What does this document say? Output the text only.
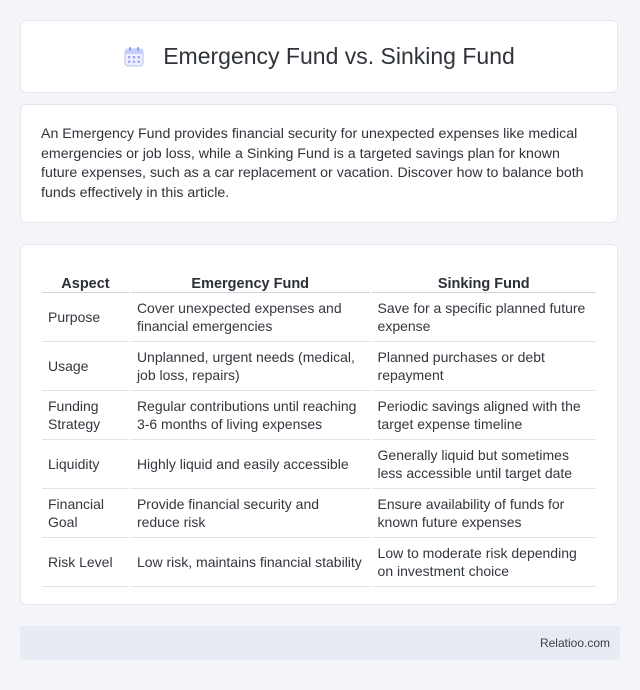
Emergency Fund vs. Sinking Fund

An Emergency Fund provides financial security for unexpected expenses like medical emergencies or job loss, while a Sinking Fund is a targeted savings plan for known future expenses, such as a car replacement or vacation. Discover how to balance both funds effectively in this article.

Aspect	Emergency Fund	Sinking Fund
Purpose	Cover unexpected expenses and financial emergencies	Save for a specific planned future expense
Usage	Unplanned, urgent needs (medical, job loss, repairs)	Planned purchases or debt repayment
Funding Strategy	Regular contributions until reaching 3-6 months of living expenses	Periodic savings aligned with the target expense timeline
Liquidity	Highly liquid and easily accessible	Generally liquid but sometimes less accessible until target date
Financial Goal	Provide financial security and reduce risk	Ensure availability of funds for known future expenses
Risk Level	Low risk, maintains financial stability	Low to moderate risk depending on investment choice
Relatioo.com
